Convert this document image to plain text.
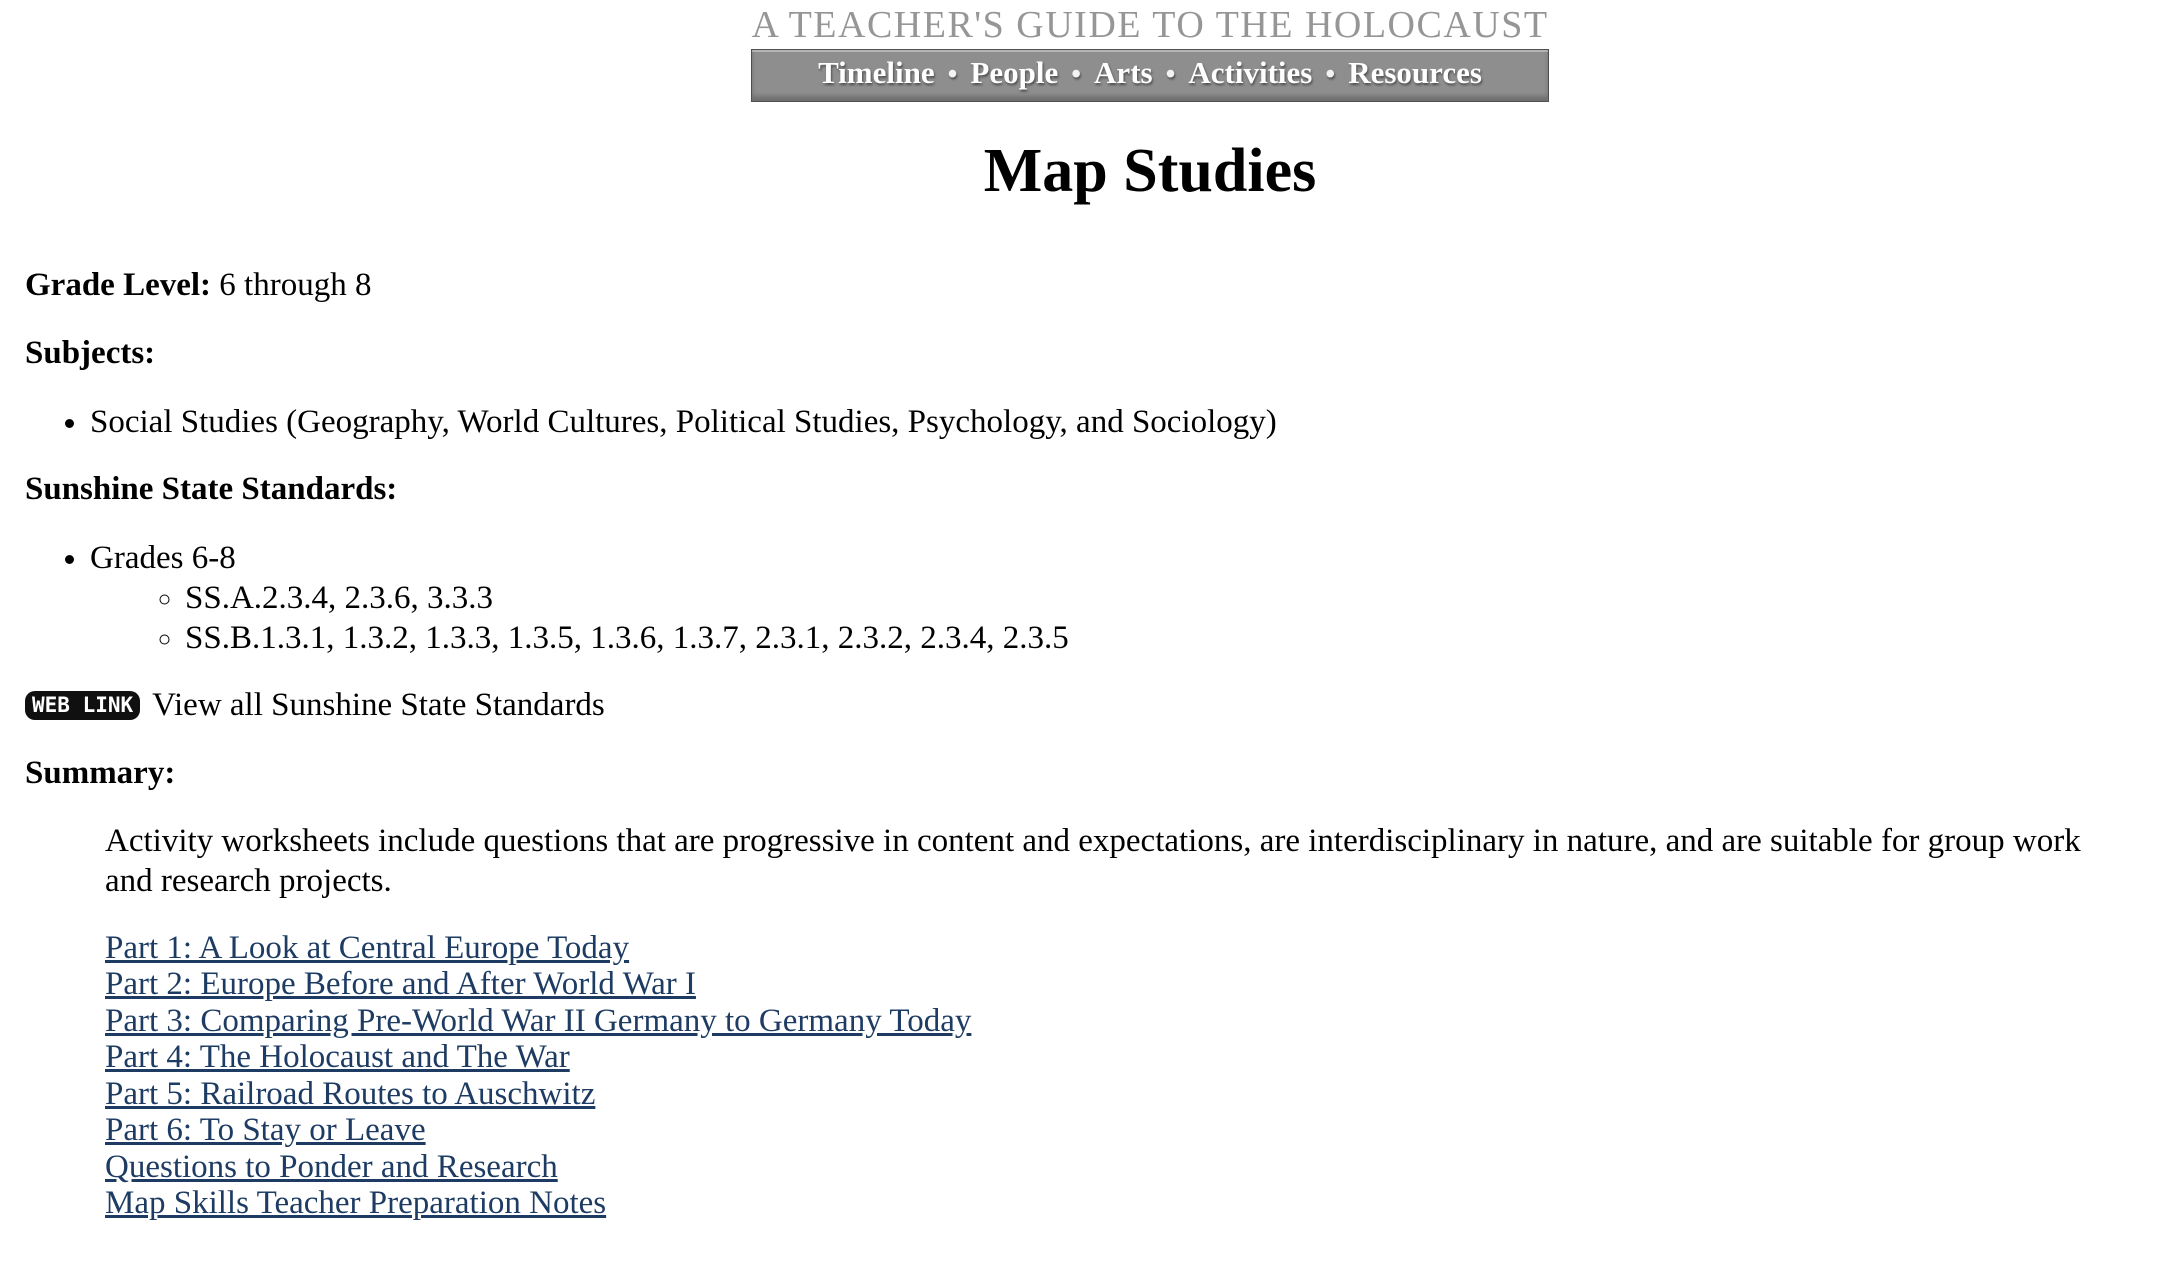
A TEACHER'S GUIDE TO THE HOLOCAUST
Timeline • People • Arts • Activities • Resources
Map Studies

Grade Level: 6 through 8

Subjects:

• Social Studies (Geography, World Cultures, Political Studies, Psychology, and Sociology)

Sunshine State Standards:

• Grades 6-8
◦ SS.A.2.3.4, 2.3.6, 3.3.3
◦ SS.B.1.3.1, 1.3.2, 1.3.3, 1.3.5, 1.3.6, 1.3.7, 2.3.1, 2.3.2, 2.3.4, 2.3.5

WEB LINK View all Sunshine State Standards

Summary:

Activity worksheets include questions that are progressive in content and expectations, are interdisciplinary in nature, and are suitable for group work and research projects.

Part 1: A Look at Central Europe Today
Part 2: Europe Before and After World War I
Part 3: Comparing Pre-World War II Germany to Germany Today
Part 4: The Holocaust and The War
Part 5: Railroad Routes to Auschwitz
Part 6: To Stay or Leave
Questions to Ponder and Research
Map Skills Teacher Preparation Notes
